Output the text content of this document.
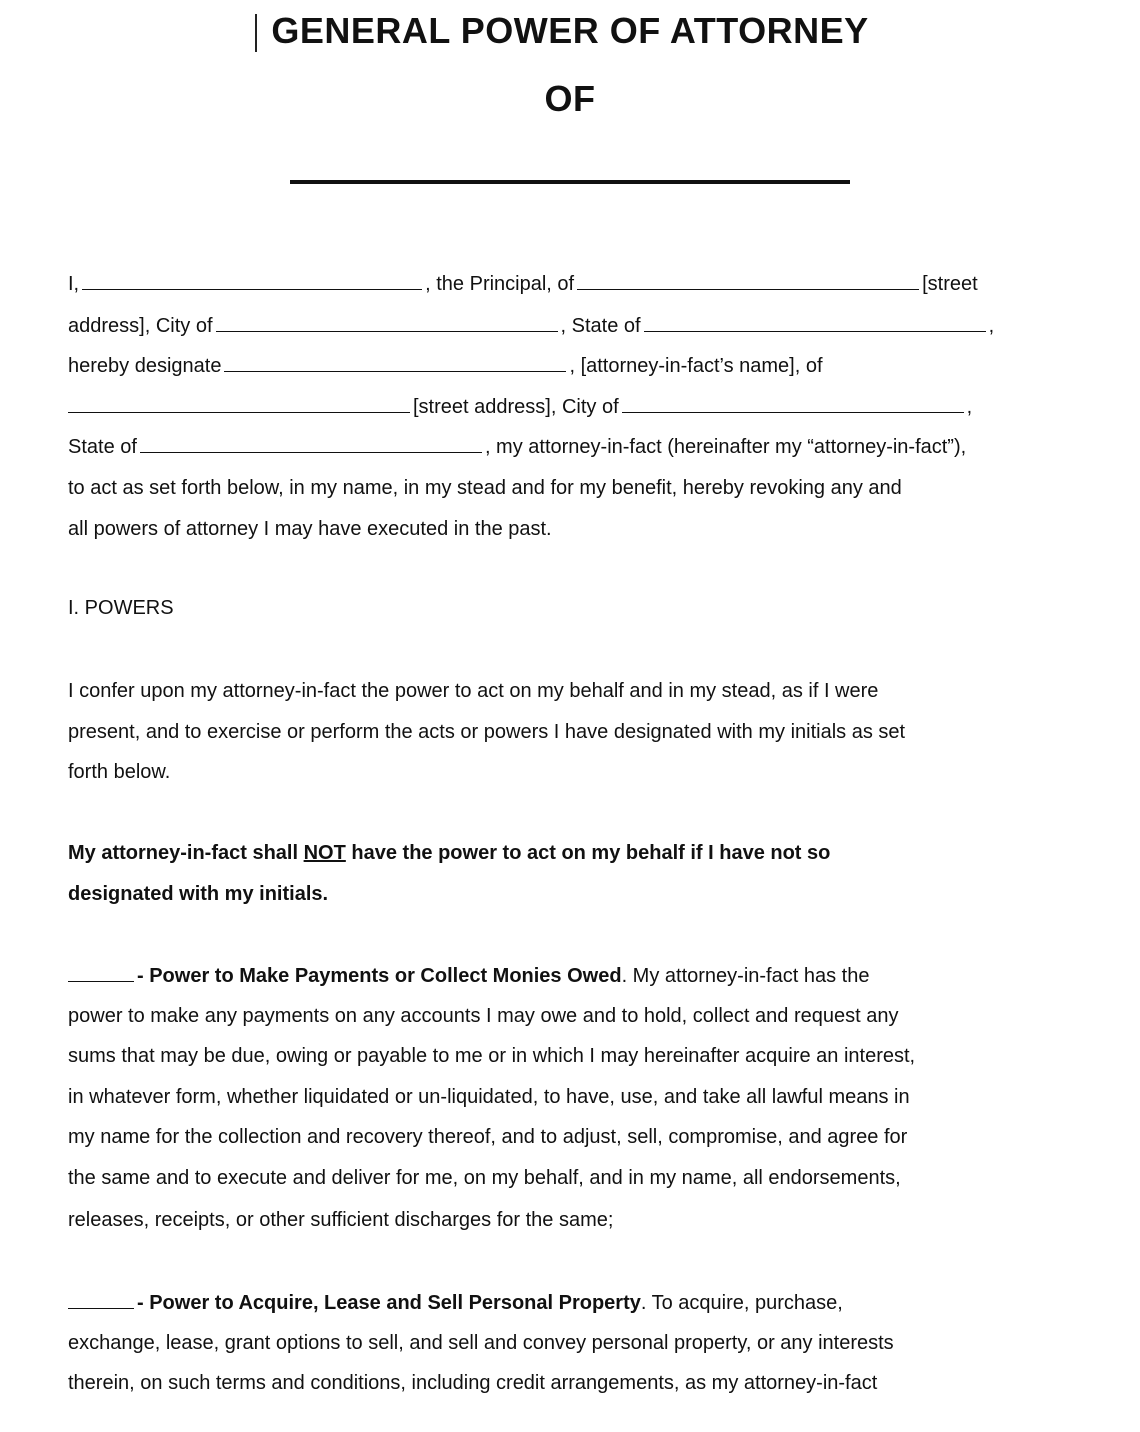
GENERAL POWER OF ATTORNEY
OF
I,	, the Principal, of	[street
address], City of	, State of	,
hereby designate	, [attorney-in-fact’s name], of
[street address], City of	,
State of	, my attorney-in-fact (hereinafter my “attorney-in-fact”),
to act as set forth below, in my name, in my stead and for my benefit, hereby revoking any and
all powers of attorney I may have executed in the past.
I. POWERS
I confer upon my attorney-in-fact the power to act on my behalf and in my stead, as if I were
present, and to exercise or perform the acts or powers I have designated with my initials as set
forth below.
My attorney-in-fact shall NOT have the power to act on my behalf if I have not so
designated with my initials.
- Power to Make Payments or Collect Monies Owed. My attorney-in-fact has the
power to make any payments on any accounts I may owe and to hold, collect and request any
sums that may be due, owing or payable to me or in which I may hereinafter acquire an interest,
in whatever form, whether liquidated or un-liquidated, to have, use, and take all lawful means in
my name for the collection and recovery thereof, and to adjust, sell, compromise, and agree for
the same and to execute and deliver for me, on my behalf, and in my name, all endorsements,
releases, receipts, or other sufficient discharges for the same;
- Power to Acquire, Lease and Sell Personal Property. To acquire, purchase,
exchange, lease, grant options to sell, and sell and convey personal property, or any interests
therein, on such terms and conditions, including credit arrangements, as my attorney-in-fact
